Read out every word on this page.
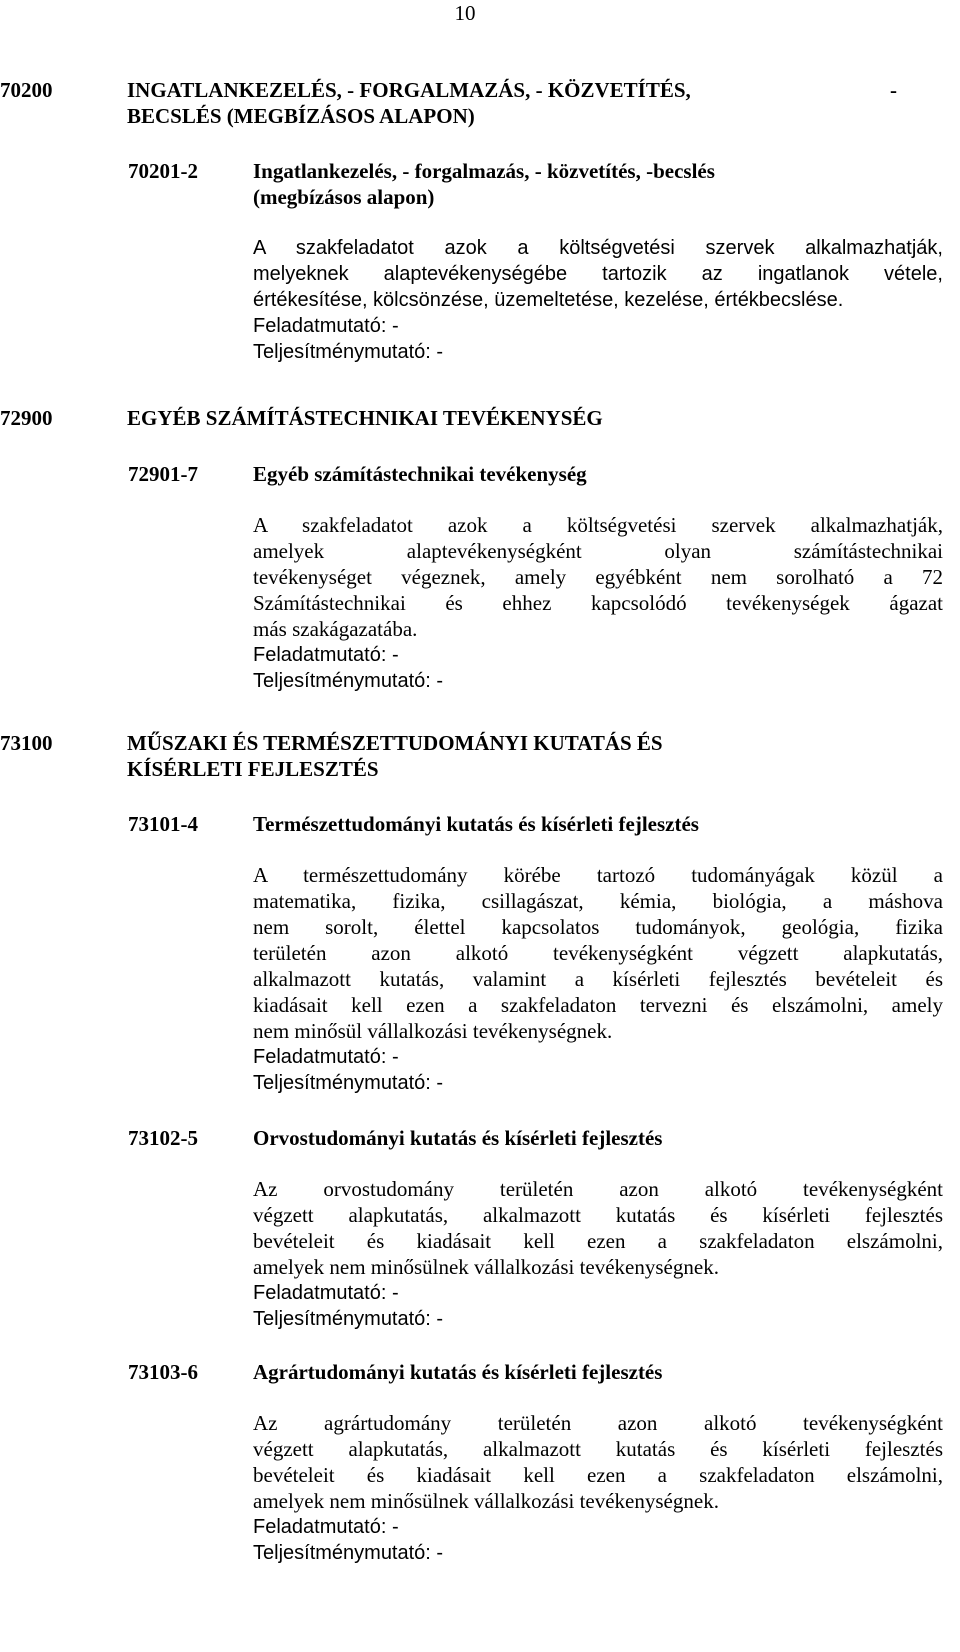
10
70200	INGATLANKEZELÉS, - FORGALMAZÁS, - KÖZVETÍTÉS,
BECSLÉS (MEGBÍZÁSOS ALAPON)
-
70201-2	Ingatlankezelés, - forgalmazás, - közvetítés, -becslés
(megbízásos alapon)
A szakfeladatot azok a költségvetési szervek alkalmazhatják,
melyeknek alaptevékenységébe tartozik az ingatlanok vétele,
értékesítése, kölcsönzése, üzemeltetése, kezelése, értékbecslése.
Feladatmutató: -
Teljesítménymutató: -
72900	EGYÉB SZÁMÍTÁSTECHNIKAI TEVÉKENYSÉG
72901-7	Egyéb számítástechnikai tevékenység
A szakfeladatot azok a költségvetési szervek alkalmazhatják,
amelyek alaptevékenységként olyan számítástechnikai
tevékenységet végeznek, amely egyébként nem sorolható a 72
Számítástechnikai és ehhez kapcsolódó tevékenységek ágazat
más szakágazatába.
Feladatmutató: -
Teljesítménymutató: -
73100	MŰSZAKI ÉS TERMÉSZETTUDOMÁNYI KUTATÁS ÉS
KÍSÉRLETI FEJLESZTÉS
73101-4	Természettudományi kutatás és kísérleti fejlesztés
A természettudomány körébe tartozó tudományágak közül a
matematika, fizika, csillagászat, kémia, biológia, a máshova
nem sorolt, élettel kapcsolatos tudományok, geológia, fizika
területén azon alkotó tevékenységként végzett alapkutatás,
alkalmazott kutatás, valamint a kísérleti fejlesztés bevételeit és
kiadásait kell ezen a szakfeladaton tervezni és elszámolni, amely
nem minősül vállalkozási tevékenységnek.
Feladatmutató: -
Teljesítménymutató: -
73102-5	Orvostudományi kutatás és kísérleti fejlesztés
Az orvostudomány területén azon alkotó tevékenységként
végzett alapkutatás, alkalmazott kutatás és kísérleti fejlesztés
bevételeit és kiadásait kell ezen a szakfeladaton elszámolni,
amelyek nem minősülnek vállalkozási tevékenységnek.
Feladatmutató: -
Teljesítménymutató: -
73103-6	Agrártudományi kutatás és kísérleti fejlesztés
Az agrártudomány területén azon alkotó tevékenységként
végzett alapkutatás, alkalmazott kutatás és kísérleti fejlesztés
bevételeit és kiadásait kell ezen a szakfeladaton elszámolni,
amelyek nem minősülnek vállalkozási tevékenységnek.
Feladatmutató: -
Teljesítménymutató: -
